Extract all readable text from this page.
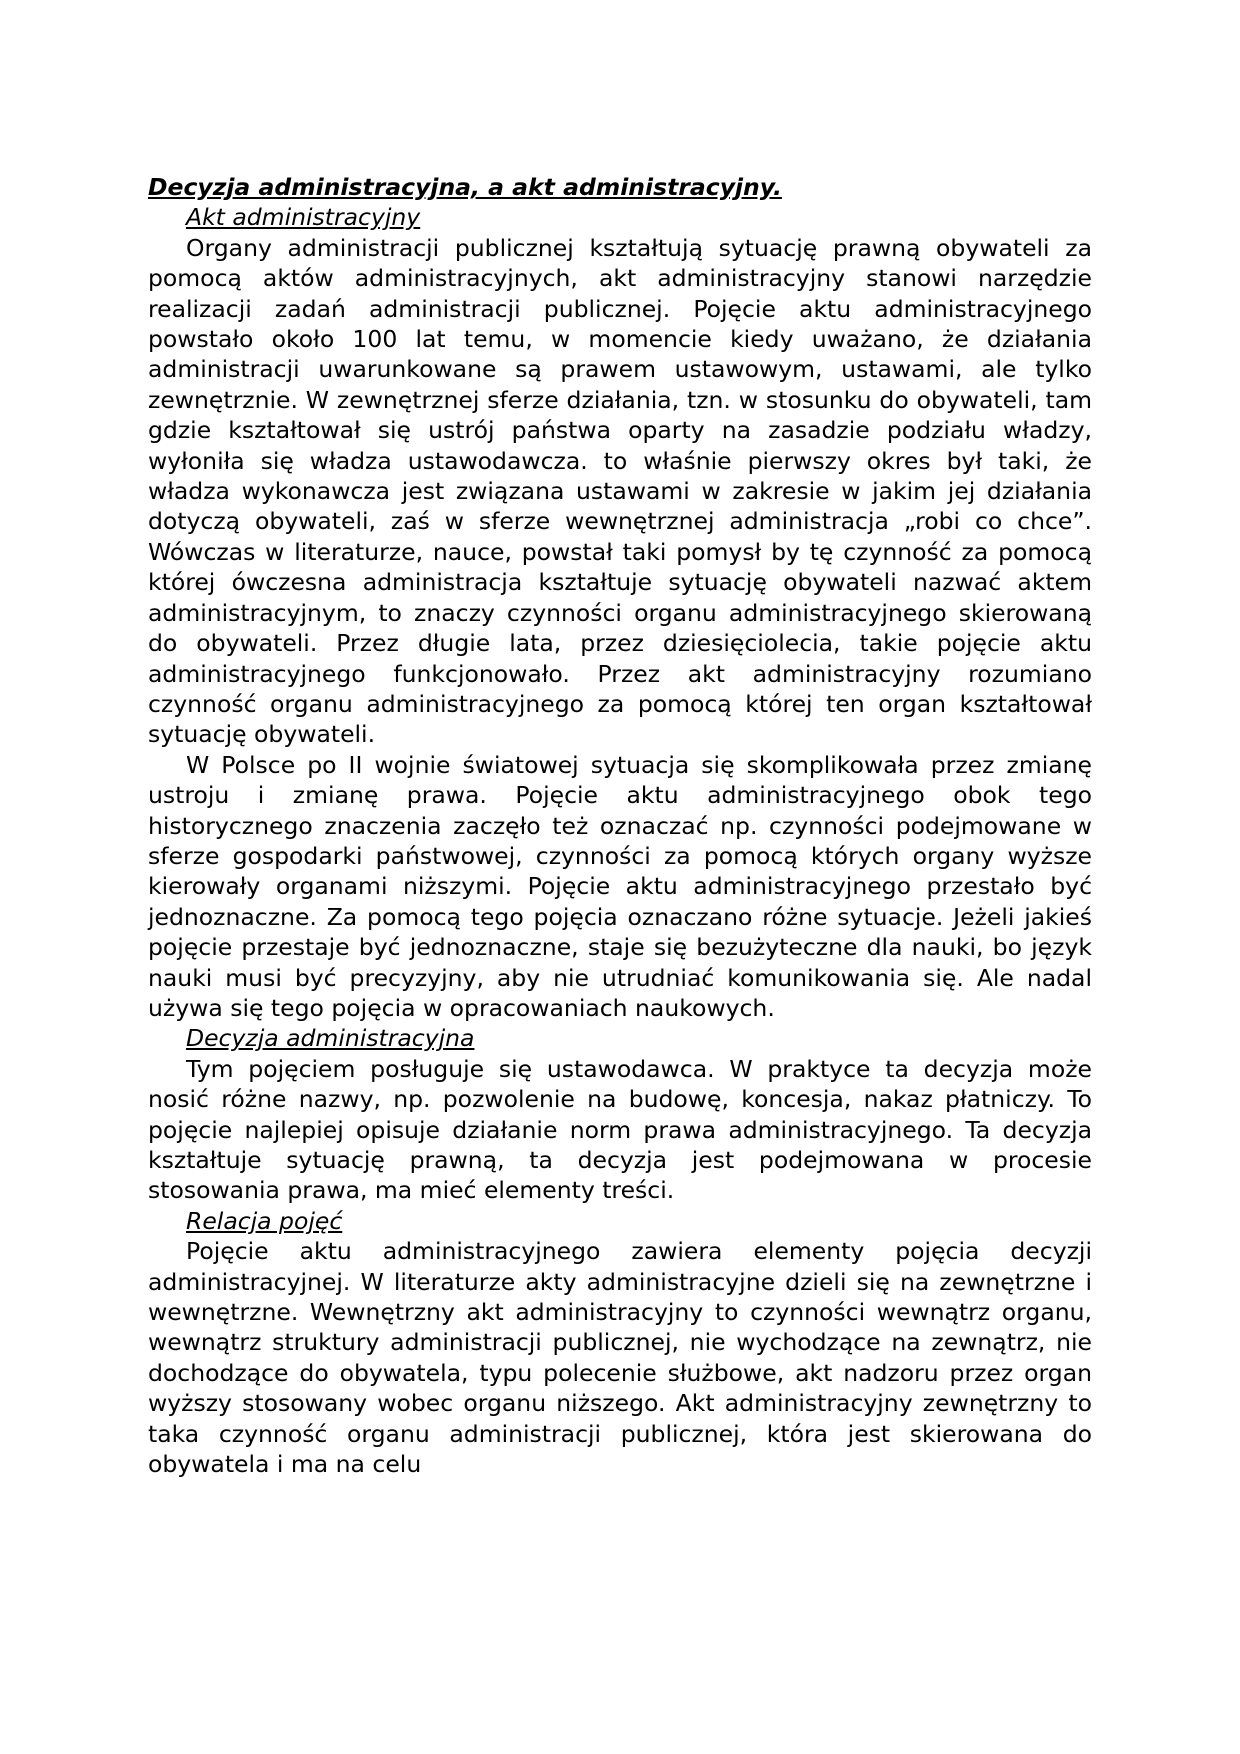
Decyzja administracyjna, a akt administracyjny.
Akt administracyjny

Organy administracji publicznej kształtują sytuację prawną obywateli za pomocą aktów administracyjnych, akt administracyjny stanowi narzędzie realizacji zadań administracji publicznej. Pojęcie aktu administracyjnego powstało około 100 lat temu, w momencie kiedy uważano, że działania administracji uwarunkowane są prawem ustawowym, ustawami, ale tylko zewnętrznie. W zewnętrznej sferze działania, tzn. w stosunku do obywateli, tam gdzie kształtował się ustrój państwa oparty na zasadzie podziału władzy, wyłoniła się władza ustawodawcza. to właśnie pierwszy okres był taki, że władza wykonawcza jest związana ustawami w zakresie w jakim jej działania dotyczą obywateli, zaś w sferze wewnętrznej administracja „robi co chce”. Wówczas w literaturze, nauce, powstał taki pomysł by tę czynność za pomocą której ówczesna administracja kształtuje sytuację obywateli nazwać aktem administracyjnym, to znaczy czynności organu administracyjnego skierowaną do obywateli. Przez długie lata, przez dziesięciolecia, takie pojęcie aktu administracyjnego funkcjonowało. Przez akt administracyjny rozumiano czynność organu administracyjnego za pomocą której ten organ kształtował sytuację obywateli.

W Polsce po II wojnie światowej sytuacja się skomplikowała przez zmianę ustroju i zmianę prawa. Pojęcie aktu administracyjnego obok tego historycznego znaczenia zaczęło też oznaczać np. czynności podejmowane w sferze gospodarki państwowej, czynności za pomocą których organy wyższe kierowały organami niższymi. Pojęcie aktu administracyjnego przestało być jednoznaczne. Za pomocą tego pojęcia oznaczano różne sytuacje. Jeżeli jakieś pojęcie przestaje być jednoznaczne, staje się bezużyteczne dla nauki, bo język nauki musi być precyzyjny, aby nie utrudniać komunikowania się. Ale nadal używa się tego pojęcia w opracowaniach naukowych.

Decyzja administracyjna

Tym pojęciem posługuje się ustawodawca. W praktyce ta decyzja może nosić różne nazwy, np. pozwolenie na budowę, koncesja, nakaz płatniczy. To pojęcie najlepiej opisuje działanie norm prawa administracyjnego. Ta decyzja kształtuje sytuację prawną, ta decyzja jest podejmowana w procesie stosowania prawa, ma mieć elementy treści.

Relacja pojęć

Pojęcie aktu administracyjnego zawiera elementy pojęcia decyzji administracyjnej. W literaturze akty administracyjne dzieli się na zewnętrzne i wewnętrzne. Wewnętrzny akt administracyjny to czynności wewnątrz organu, wewnątrz struktury administracji publicznej, nie wychodzące na zewnątrz, nie dochodzące do obywatela, typu polecenie służbowe, akt nadzoru przez organ wyższy stosowany wobec organu niższego. Akt administracyjny zewnętrzny to taka czynność organu administracji publicznej, która jest skierowana do obywatela i ma na celu
